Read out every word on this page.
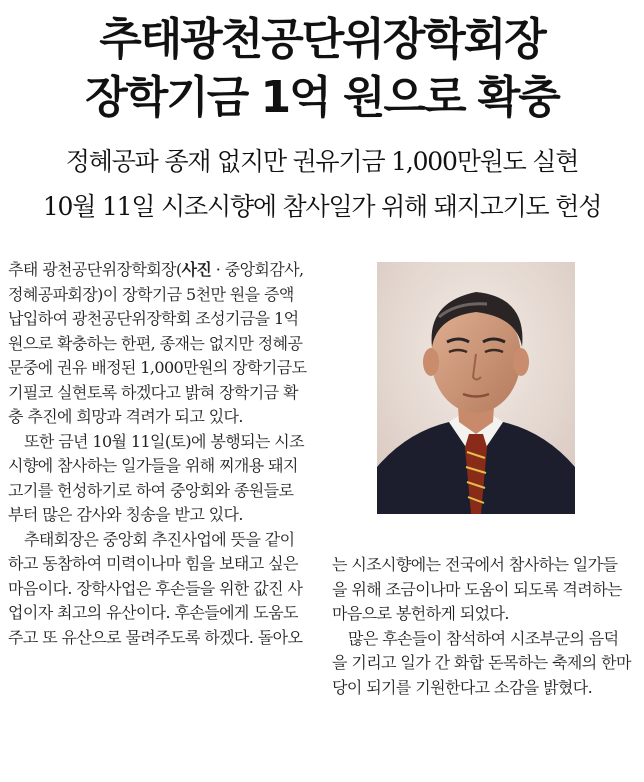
추태광천공단위장학회장
장학기금 1억 원으로 확충
정혜공파 종재 없지만 권유기금 1,000만원도 실현
10월 11일 시조시향에 참사일가 위해 돼지고기도 헌성

추태 광천공단위장학회장(사진 · 중앙회감사, 정혜공파회장)이 장학기금 5천만 원을 증액 납입하여 광천공단위장학회 조성기금을 1억 원으로 확충하는 한편, 종재는 없지만 정혜공문중에 권유 배정된 1,000만원의 장학기금도 기필코 실현토록 하겠다고 밝혀 장학기금 확충 추진에 희망과 격려가 되고 있다.

또한 금년 10월 11일(토)에 봉행되는 시조시향에 참사하는 일가들을 위해 찌개용 돼지고기를 헌성하기로 하여 중앙회와 종원들로부터 많은 감사와 칭송을 받고 있다.

추태회장은 중앙회 추진사업에 뜻을 같이하고 동참하여 미력이나마 힘을 보태고 싶은 마음이다. 장학사업은 후손들을 위한 값진 사업이자 최고의 유산이다. 후손들에게 도움도 주고 또 유산으로 물려주도록 하겠다. 돌아오

는 시조시향에는 전국에서 참사하는 일가들을 위해 조금이나마 도움이 되도록 격려하는 마음으로 봉헌하게 되었다.

많은 후손들이 참석하여 시조부군의 음덕을 기리고 일가 간 화합 돈목하는 축제의 한마당이 되기를 기원한다고 소감을 밝혔다.
